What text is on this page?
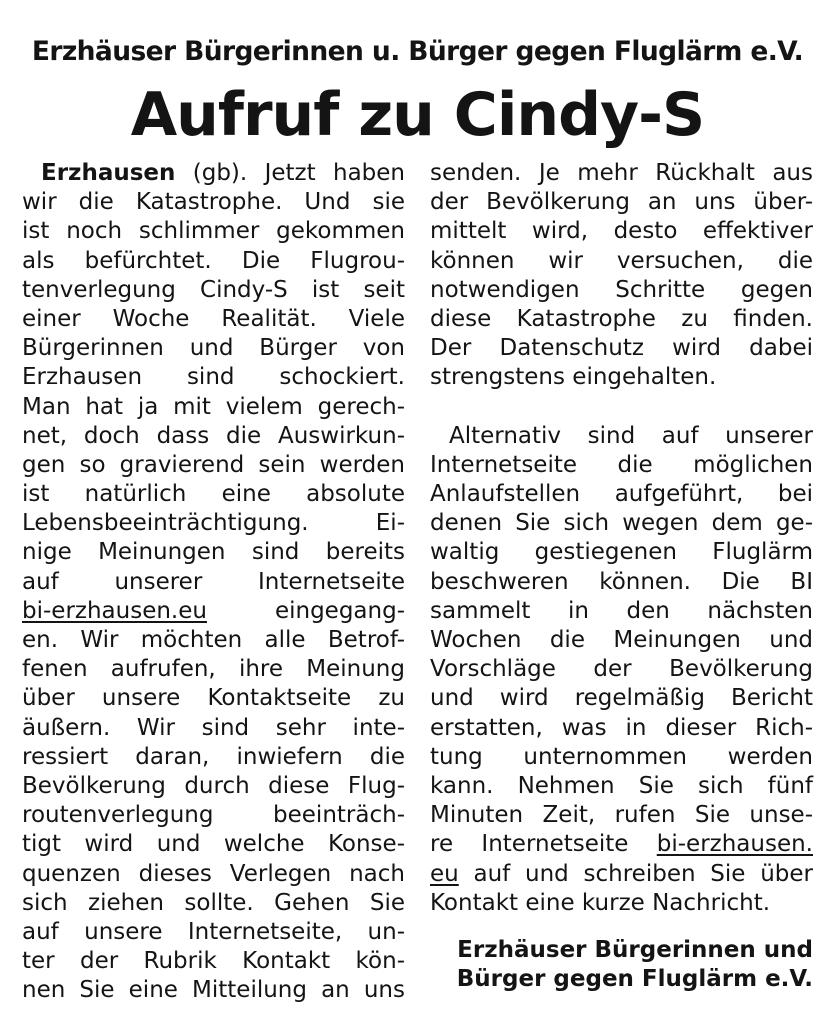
Erzhäuser Bürgerinnen u. Bürger gegen Fluglärm e.V.
Aufruf zu Cindy-S
Erzhausen (gb). Jetzt haben
wir die Katastrophe. Und sie
ist noch schlimmer gekommen
als befürchtet. Die Flugrou-
tenverlegung Cindy-S ist seit
einer Woche Realität. Viele
Bürgerinnen und Bürger von
Erzhausen sind schockiert.
Man hat ja mit vielem gerech-
net, doch dass die Auswirkun-
gen so gravierend sein werden
ist natürlich eine absolute
Lebensbeeinträchtigung. Ei-
nige Meinungen sind bereits
auf unserer Internetseite
bi-erzhausen.eu eingegang-
en. Wir möchten alle Betrof-
fenen aufrufen, ihre Meinung
über unsere Kontaktseite zu
äußern. Wir sind sehr inte-
ressiert daran, inwiefern die
Bevölkerung durch diese Flug-
routenverlegung beeinträch-
tigt wird und welche Konse-
quenzen dieses Verlegen nach
sich ziehen sollte. Gehen Sie
auf unsere Internetseite, un-
ter der Rubrik Kontakt kön-
nen Sie eine Mitteilung an uns
senden. Je mehr Rückhalt aus
der Bevölkerung an uns über-
mittelt wird, desto effektiver
können wir versuchen, die
notwendigen Schritte gegen
diese Katastrophe zu finden.
Der Datenschutz wird dabei
strengstens eingehalten.
Alternativ sind auf unserer
Internetseite die möglichen
Anlaufstellen aufgeführt, bei
denen Sie sich wegen dem ge-
waltig gestiegenen Fluglärm
beschweren können. Die BI
sammelt in den nächsten
Wochen die Meinungen und
Vorschläge der Bevölkerung
und wird regelmäßig Bericht
erstatten, was in dieser Rich-
tung unternommen werden
kann. Nehmen Sie sich fünf
Minuten Zeit, rufen Sie unse-
re Internetseite bi-erzhausen.
eu auf und schreiben Sie über
Kontakt eine kurze Nachricht.
Erzhäuser Bürgerinnen und
Bürger gegen Fluglärm e.V.
